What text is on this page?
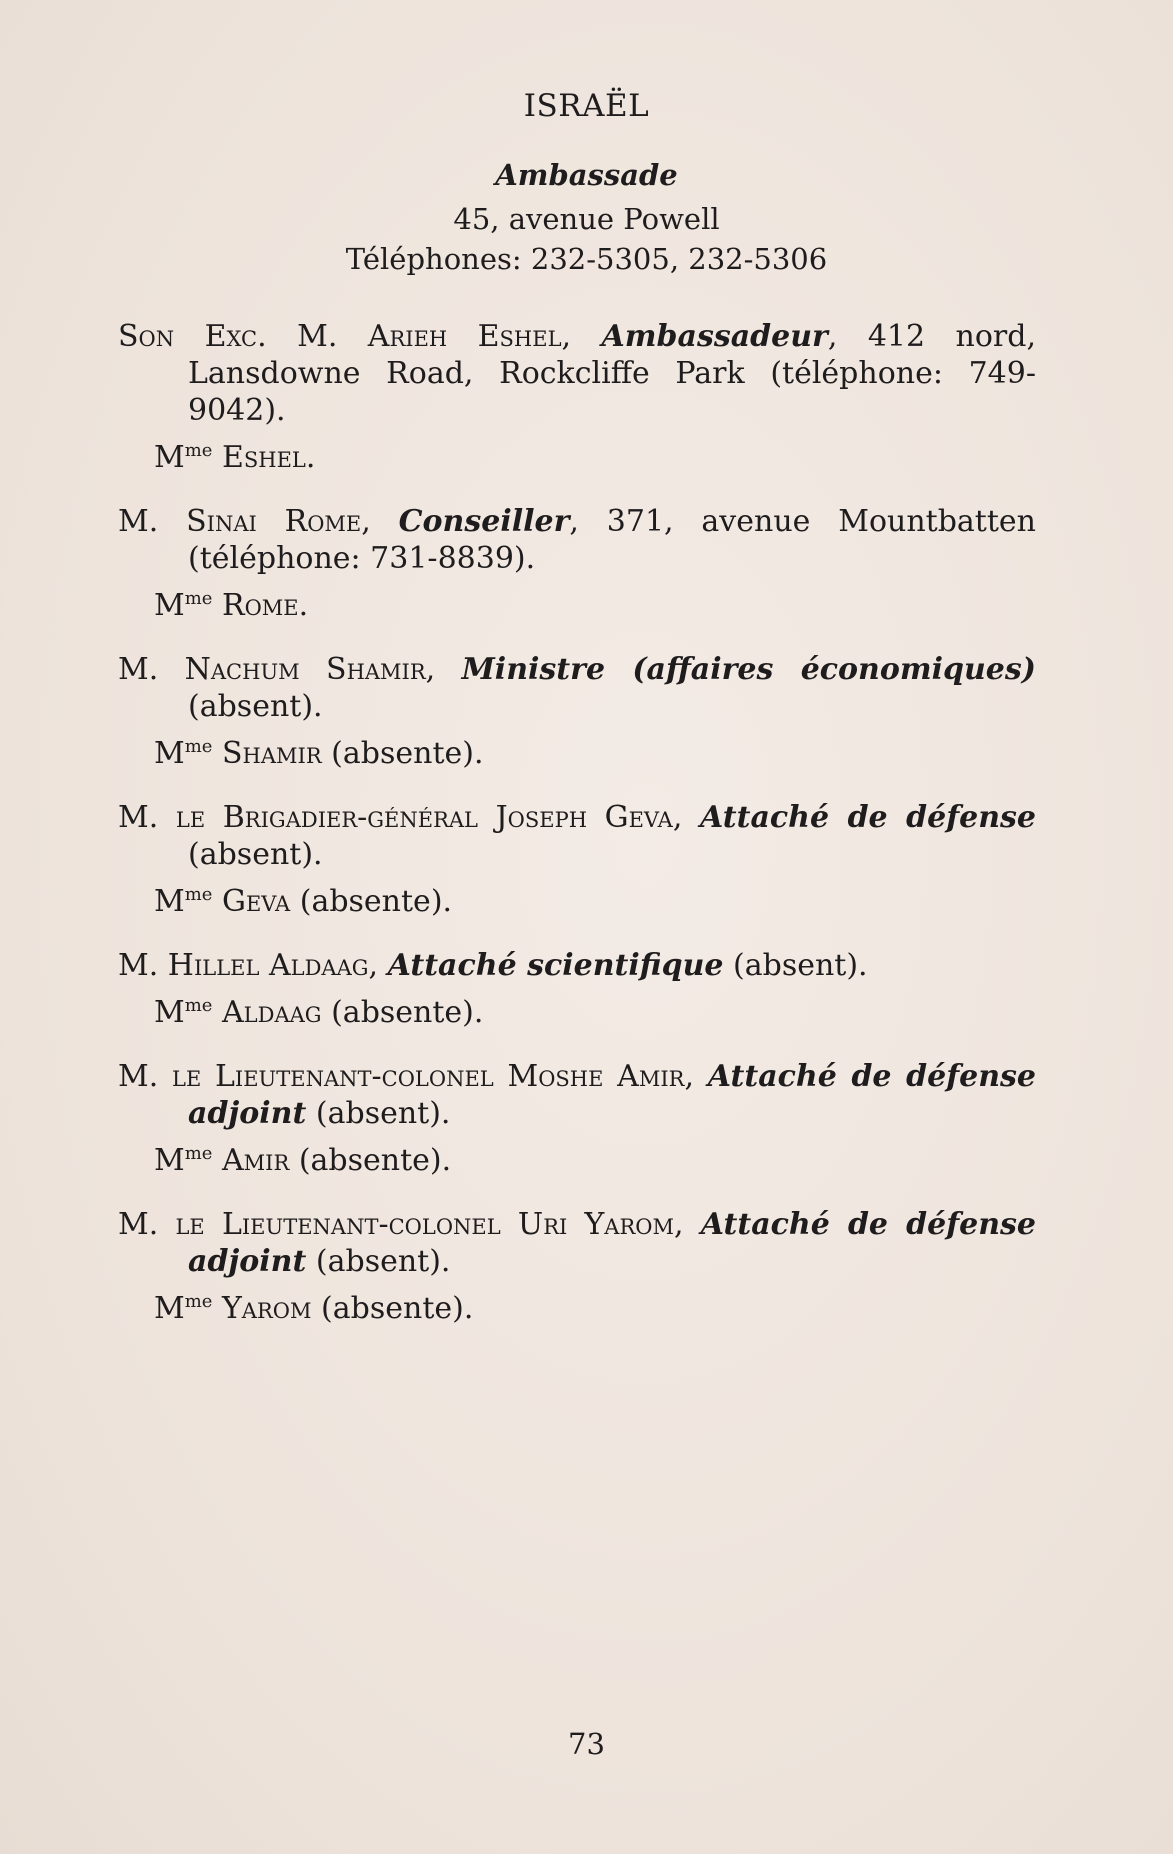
ISRAËL
Ambassade
45, avenue Powell
Téléphones: 232-5305, 232-5306

Son Exc. M. Arieh Eshel, Ambassadeur, 412 nord, Lansdowne Road, Rockcliffe Park (téléphone: 749-9042).

$M^{me}$ Eshel.

M. Sinai Rome, Conseiller, 371, avenue Mountbatten (téléphone: 731-8839).

$M^{me}$ Rome.

M. Nachum Shamir, Ministre (affaires économiques) (absent).

$M^{me}$ Shamir (absente).

M. le Brigadier-général Joseph Geva, Attaché de défense (absent).

$M^{me}$ Geva (absente).

M. Hillel Aldaag, Attaché scientifique (absent).

$M^{me}$ Aldaag (absente).

M. le Lieutenant-colonel Moshe Amir, Attaché de défense adjoint (absent).

$M^{me}$ Amir (absente).

M. le Lieutenant-colonel Uri Yarom, Attaché de défense adjoint (absent).

$M^{me}$ Yarom (absente).

73
